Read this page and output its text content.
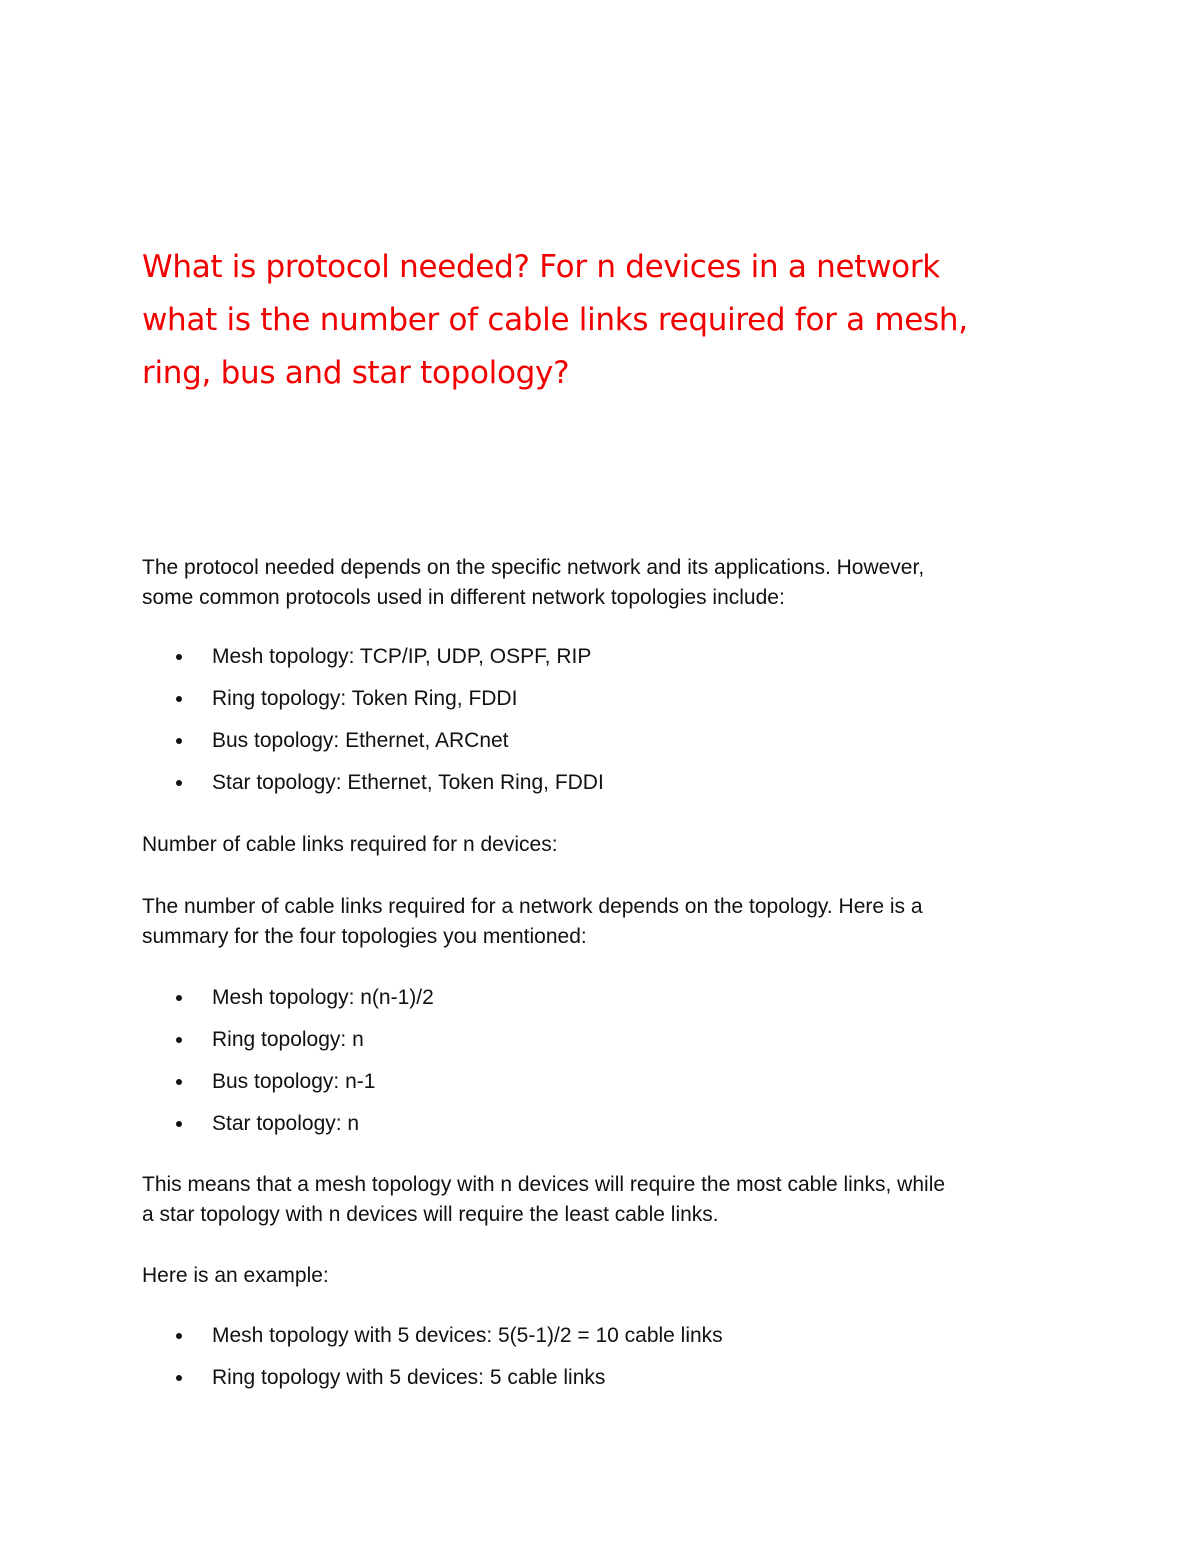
What is protocol needed? For n devices in a network
what is the number of cable links required for a mesh,
ring, bus and star topology?

The protocol needed depends on the specific network and its applications. However,
some common protocols used in different network topologies include:

Mesh topology: TCP/IP, UDP, OSPF, RIP
Ring topology: Token Ring, FDDI
Bus topology: Ethernet, ARCnet
Star topology: Ethernet, Token Ring, FDDI

Number of cable links required for n devices:

The number of cable links required for a network depends on the topology. Here is a
summary for the four topologies you mentioned:

Mesh topology: n(n-1)/2
Ring topology: n
Bus topology: n-1
Star topology: n

This means that a mesh topology with n devices will require the most cable links, while
a star topology with n devices will require the least cable links.

Here is an example:

Mesh topology with 5 devices: 5(5-1)/2 = 10 cable links
Ring topology with 5 devices: 5 cable links
